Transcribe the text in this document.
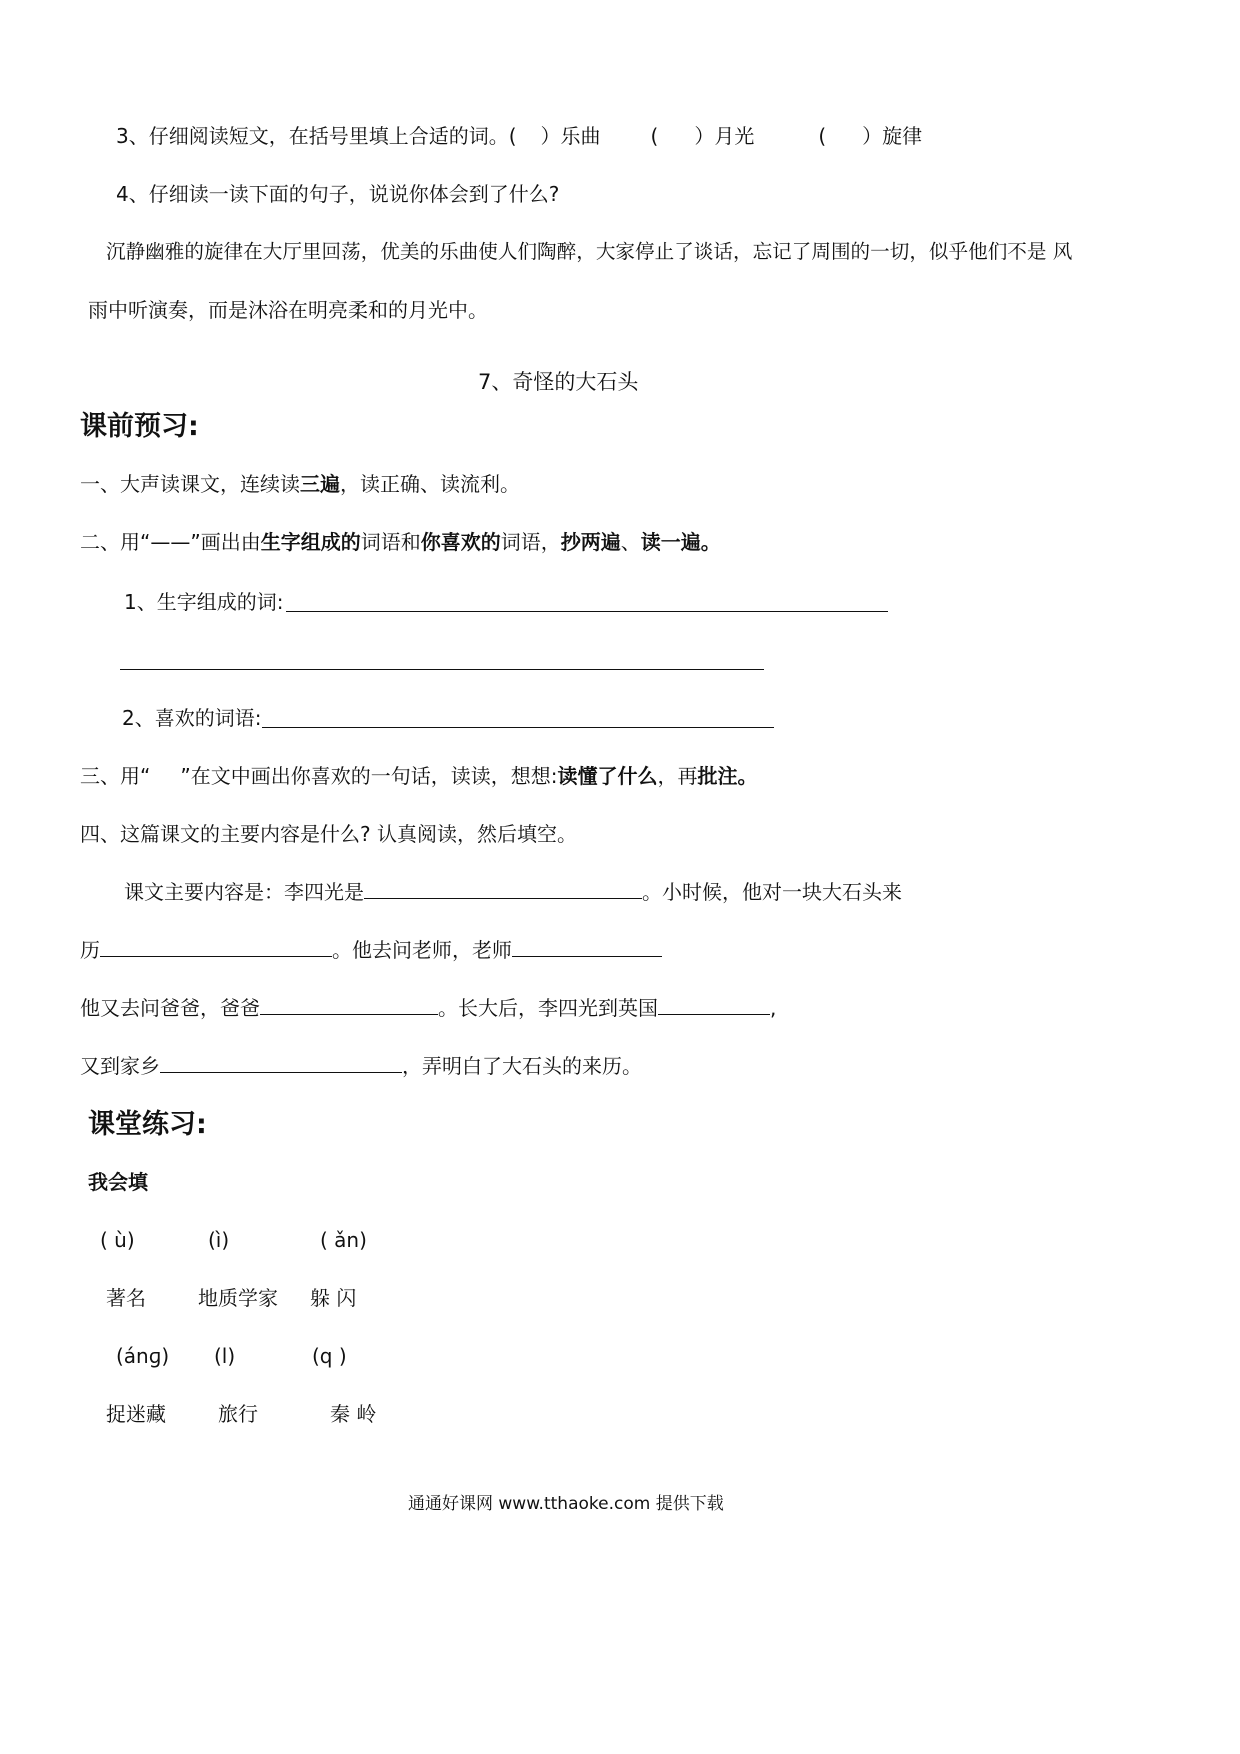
3、仔细阅读短文，在括号里填上合适的词。( ）乐曲	( ）月光	( ）旋律
4、仔细读一读下面的句子，说说你体会到了什么?
沉静幽雅的旋律在大厅里回荡，优美的乐曲使人们陶醉，大家停止了谈话，忘记了周围的一切，似乎他们不是 风
雨中听演奏，而是沐浴在明亮柔和的月光中。
7、奇怪的大石头
课前预习:
一、大声读课文，连续读三遍，读正确、读流利。
二、用“——”画出由生字组成的词语和你喜欢的词语，抄两遍、读一遍。
1、生字组成的词:
2、喜欢的词语:
三、用“ ”在文中画出你喜欢的一句话，读读，想想:读懂了什么，再批注。
四、这篇课文的主要内容是什么? 认真阅读，然后填空。
课文主要内容是：李四光是	。小时候，他对一块大石头来
历	。他去问老师，老师
他又去问爸爸，爸爸	。长大后，李四光到英国	,
又到家乡	，弄明白了大石头的来历。
课堂练习:
我会填
( ù)	(ì)	( ǎn)
著名	地质学家 躲 闪
(ánɡ) (l)	(q )
捉迷藏	旅行	秦 岭
通通好课网 www.tthaoke.com 提供下载
